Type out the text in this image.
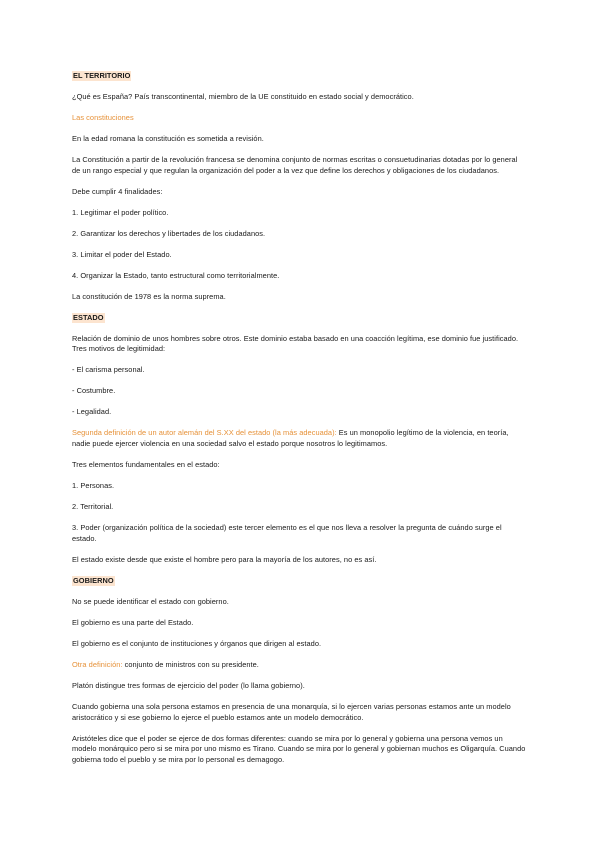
EL TERRITORIO

¿Qué es España? País transcontinental, miembro de la UE constituido en estado social y democrático.

Las constituciones

En la edad romana la constitución es sometida a revisión.

La Constitución a partir de la revolución francesa se denomina conjunto de normas escritas o consuetudinarias dotadas por lo general de un rango especial y que regulan la organización del poder a la vez que define los derechos y obligaciones de los ciudadanos.

Debe cumplir 4 finalidades:

1. Legitimar el poder político.

2. Garantizar los derechos y libertades de los ciudadanos.

3. Limitar el poder del Estado.

4. Organizar la Estado, tanto estructural como territorialmente.

La constitución de 1978 es la norma suprema.

ESTADO

Relación de dominio de unos hombres sobre otros. Este dominio estaba basado en una coacción legítima, ese dominio fue justificado. Tres motivos de legitimidad:

- El carisma personal.

- Costumbre.

- Legalidad.

Segunda definición de un autor alemán del S.XX del estado (la más adecuada): Es un monopolio legítimo de la violencia, en teoría, nadie puede ejercer violencia en una sociedad salvo el estado porque nosotros lo legitimamos.

Tres elementos fundamentales en el estado:

1. Personas.

2. Territorial.

3. Poder (organización política de la sociedad) este tercer elemento es el que nos lleva a resolver la pregunta de cuándo surge el estado.

El estado existe desde que existe el hombre pero para la mayoría de los autores, no es así.

GOBIERNO

No se puede identificar el estado con gobierno.

El gobierno es una parte del Estado.

El gobierno es el conjunto de instituciones y órganos que dirigen al estado.

Otra definición: conjunto de ministros con su presidente.

Platón distingue tres formas de ejercicio del poder (lo llama gobierno).

Cuando gobierna una sola persona estamos en presencia de una monarquía, si lo ejercen varias personas estamos ante un modelo aristocrático y si ese gobierno lo ejerce el pueblo estamos ante un modelo democrático.

Aristóteles dice que el poder se ejerce de dos formas diferentes: cuando se mira por lo general y gobierna una persona vemos un modelo monárquico pero si se mira por uno mismo es Tirano. Cuando se mira por lo general y gobiernan muchos es Oligarquía. Cuando gobierna todo el pueblo y se mira por lo personal es demagogo.
